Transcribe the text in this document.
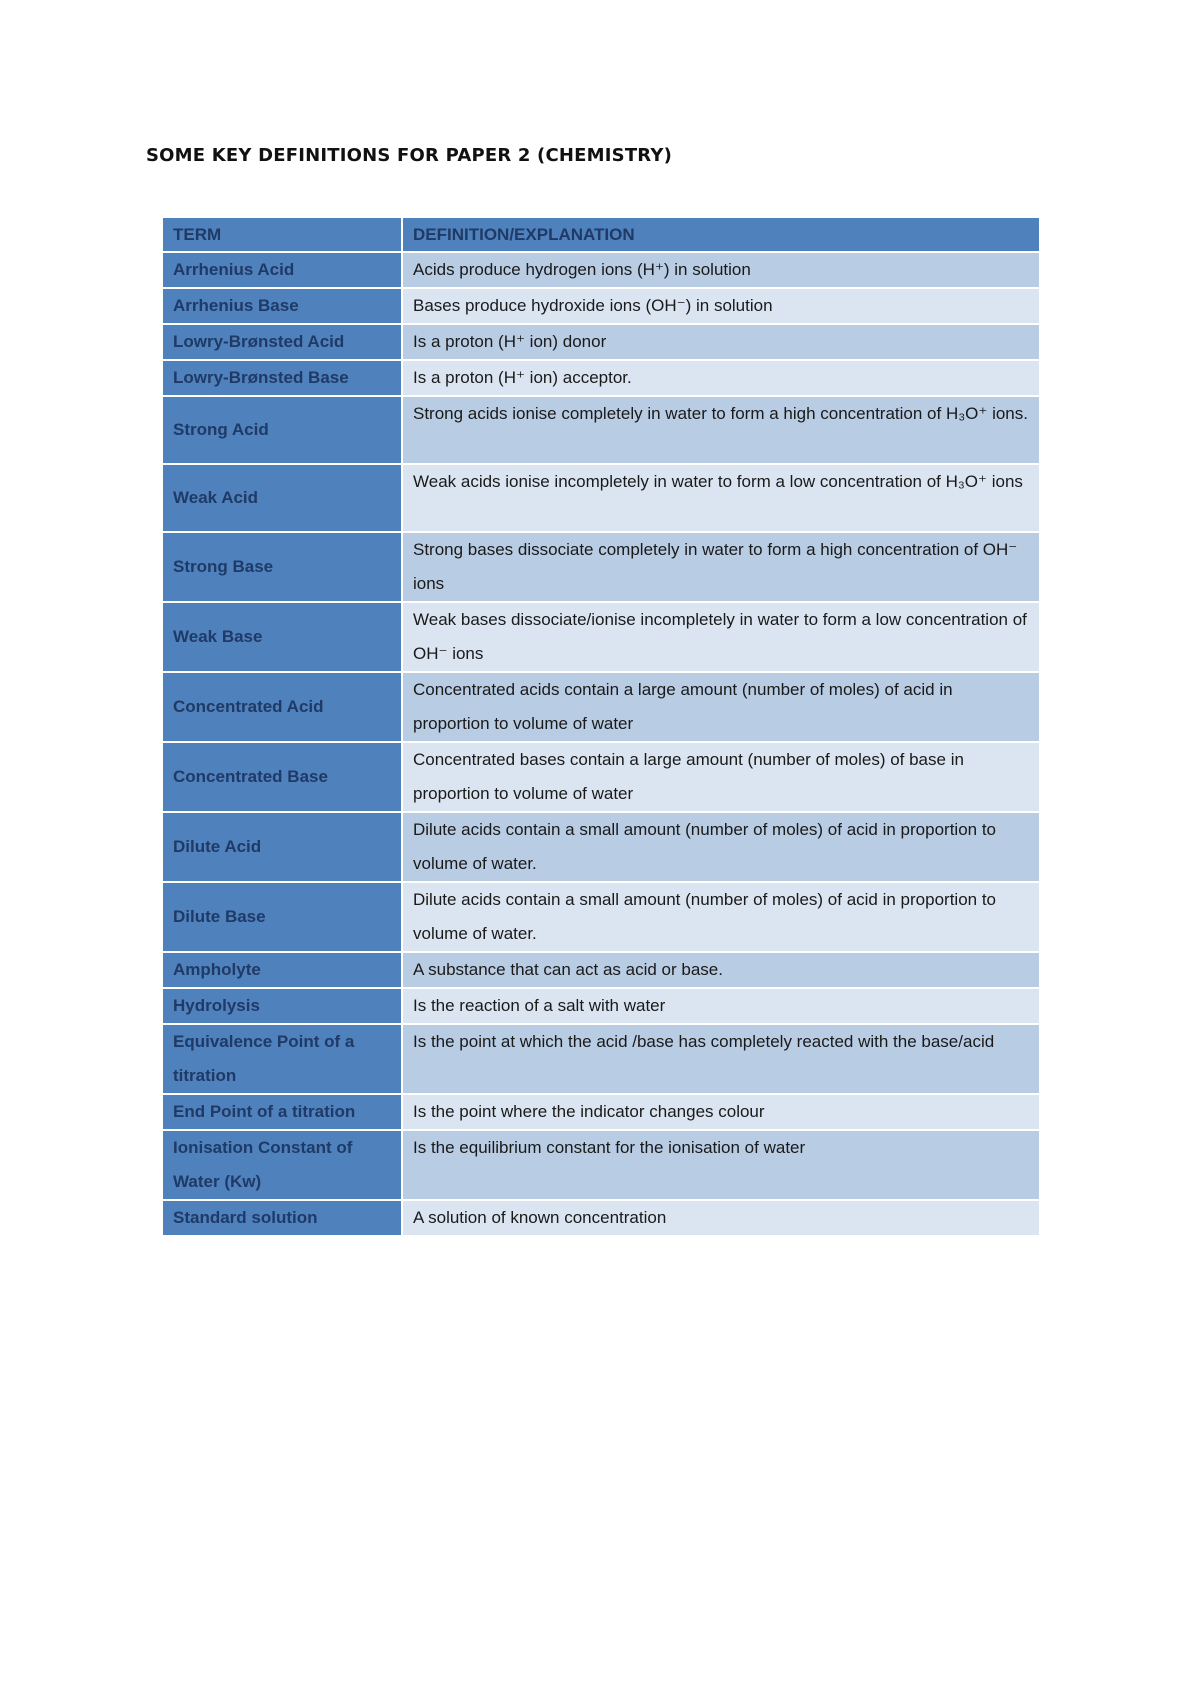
SOME KEY DEFINITIONS FOR PAPER 2 (CHEMISTRY)
TERM	DEFINITION/EXPLANATION
Arrhenius Acid	Acids produce hydrogen ions (H⁺) in solution
Arrhenius Base	Bases produce hydroxide ions (OH⁻) in solution
Lowry-Brønsted Acid	Is a proton (H⁺ ion) donor
Lowry-Brønsted Base	Is a proton (H⁺ ion) acceptor.
Strong Acid	Strong acids ionise completely in water to form a high concentration of H₃O⁺ ions.
Weak Acid	Weak acids ionise incompletely in water to form a low concentration of H₃O⁺ ions
Strong Base	Strong bases dissociate completely in water to form a high concentration of OH⁻ ions
Weak Base	Weak bases dissociate/ionise incompletely in water to form a low concentration of OH⁻ ions
Concentrated Acid	Concentrated acids contain a large amount (number of moles) of acid in proportion to volume of water
Concentrated Base	Concentrated bases contain a large amount (number of moles) of base in proportion to volume of water
Dilute Acid	Dilute acids contain a small amount (number of moles) of acid in proportion to volume of water.
Dilute Base	Dilute acids contain a small amount (number of moles) of acid in proportion to volume of water.
Ampholyte	A substance that can act as acid or base.
Hydrolysis	Is the reaction of a salt with water
Equivalence Point of a titration	Is the point at which the acid /base has completely reacted with the base/acid
End Point of a titration	Is the point where the indicator changes colour
Ionisation Constant of Water (Kw)	Is the equilibrium constant for the ionisation of water
Standard solution	A solution of known concentration
